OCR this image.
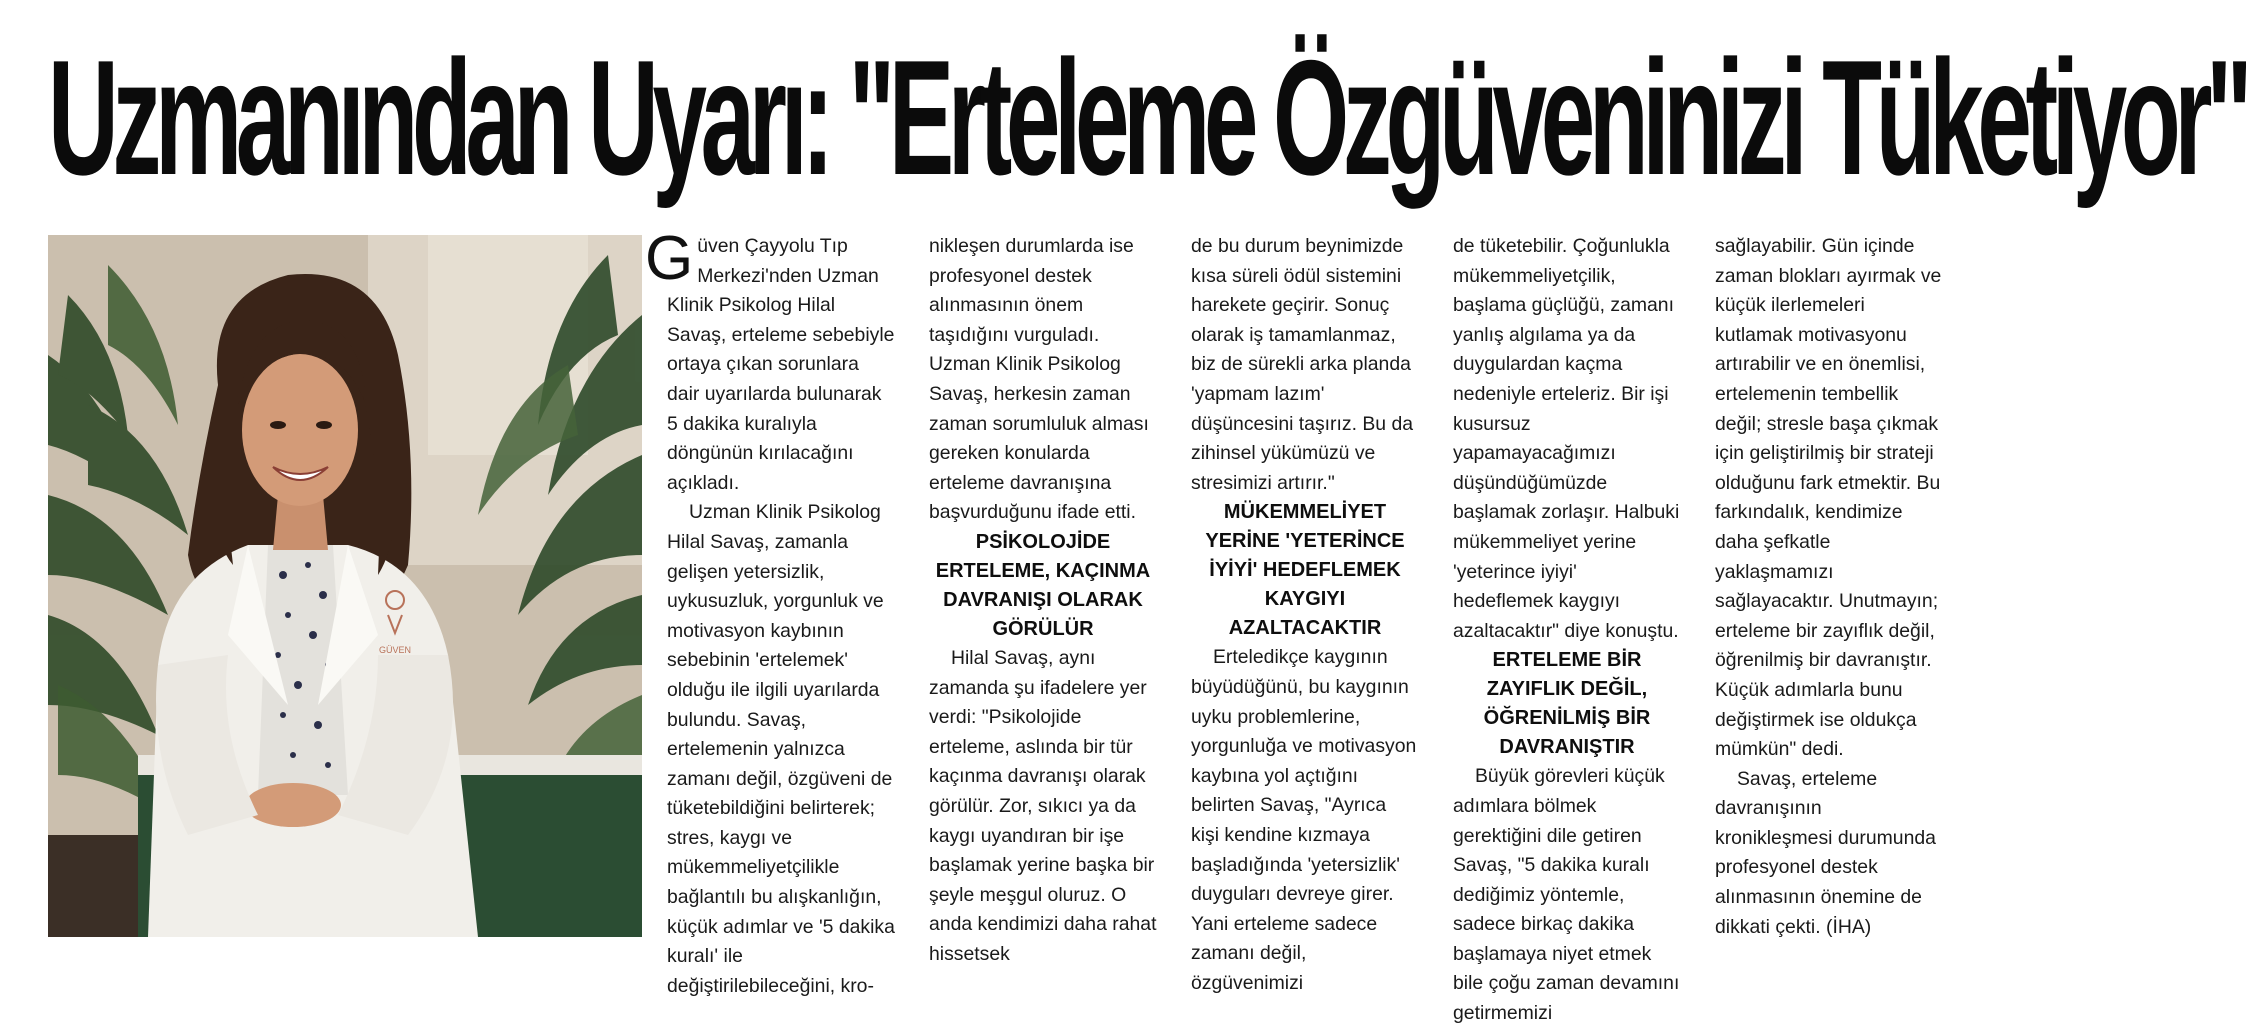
Uzmanından Uyarı: "Erteleme Özgüveninizi Tüketiyor"
GÜVEN

Güven Çayyolu Tıp Merkezi'nden Uzman Klinik Psikolog Hilal Savaş, erteleme sebebiyle ortaya çıkan sorunlara dair uyarılarda bulunarak 5 dakika kuralıyla döngünün kırılacağını açıkladı.

Uzman Klinik Psikolog Hilal Savaş, zamanla gelişen yetersizlik, uykusuzluk, yorgunluk ve motivasyon kaybının sebebinin 'ertelemek' olduğu ile ilgili uyarılarda bulundu. Savaş, ertelemenin yalnızca zamanı değil, özgüveni de tüketebildiğini belirterek; stres, kaygı ve mükemmeliyetçilikle bağlantılı bu alışkanlığın, küçük adımlar ve '5 dakika kuralı' ile değiştirilebileceğini, kro-

nikleşen durumlarda ise profesyonel destek alınmasının önem taşıdığını vurguladı. Uzman Klinik Psikolog Savaş, herkesin zaman zaman sorumluluk alması gereken konularda erteleme davranışına başvurduğunu ifade etti.

PSİKOLOJİDE ERTELEME, KAÇINMA DAVRANIŞI OLARAK GÖRÜLÜR

Hilal Savaş, aynı zamanda şu ifadelere yer verdi: "Psikolojide erteleme, aslında bir tür kaçınma davranışı olarak görülür. Zor, sıkıcı ya da kaygı uyandıran bir işe başlamak yerine başka bir şeyle meşgul oluruz. O anda kendimizi daha rahat hissetsek

de bu durum beynimizde kısa süreli ödül sistemini harekete geçirir. Sonuç olarak iş tamamlanmaz, biz de sürekli arka planda 'yapmam lazım' düşüncesini taşırız. Bu da zihinsel yükümüzü ve stresimizi artırır."

MÜKEMMELİYET YERİNE 'YETERİNCE İYİYİ' HEDEFLEMEK KAYGIYI AZALTACAKTIR

Erteledikçe kaygının büyüdüğünü, bu kaygının uyku problemlerine, yorgunluğa ve motivasyon kaybına yol açtığını belirten Savaş, "Ayrıca kişi kendine kızmaya başladığında 'yetersizlik' duyguları devreye girer. Yani erteleme sadece zamanı değil, özgüvenimizi

de tüketebilir. Çoğunlukla mükemmeliyetçilik, başlama güçlüğü, zamanı yanlış algılama ya da duygulardan kaçma nedeniyle erteleriz. Bir işi kusursuz yapamayacağımızı düşündüğümüzde başlamak zorlaşır. Halbuki mükemmeliyet yerine 'yeterince iyiyi' hedeflemek kaygıyı azaltacaktır" diye konuştu.

ERTELEME BİR ZAYIFLIK DEĞİL, ÖĞRENİLMİŞ BİR DAVRANIŞTIR

Büyük görevleri küçük adımlara bölmek gerektiğini dile getiren Savaş, "5 dakika kuralı dediğimiz yöntemle, sadece birkaç dakika başlamaya niyet etmek bile çoğu zaman devamını getirmemizi

sağlayabilir. Gün içinde zaman blokları ayırmak ve küçük ilerlemeleri kutlamak motivasyonu artırabilir ve en önemlisi, ertelemenin tembellik değil; stresle başa çıkmak için geliştirilmiş bir strateji olduğunu fark etmektir. Bu farkındalık, kendimize daha şefkatle yaklaşmamızı sağlayacaktır. Unutmayın; erteleme bir zayıflık değil, öğrenilmiş bir davranıştır. Küçük adımlarla bunu değiştirmek ise oldukça mümkün" dedi.

Savaş, erteleme davranışının kronikleşmesi durumunda profesyonel destek alınmasının önemine de dikkati çekti. (İHA)
